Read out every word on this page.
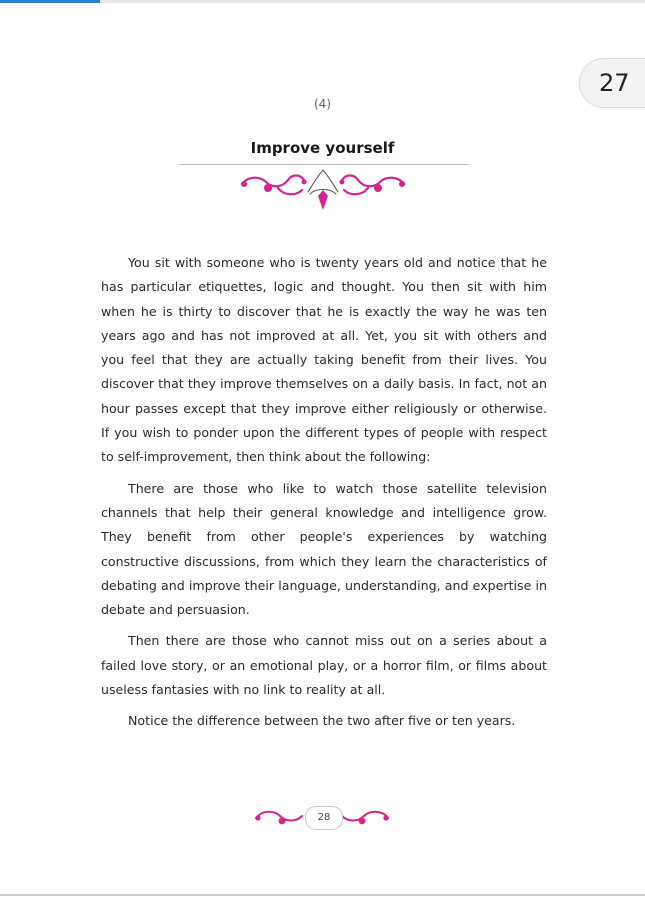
27
(4)
Improve yourself

You sit with someone who is twenty years old and notice that he has particular etiquettes, logic and thought. You then sit with him when he is thirty to discover that he is exactly the way he was ten years ago and has not improved at all. Yet, you sit with others and you feel that they are actually taking benefit from their lives. You discover that they improve themselves on a daily basis. In fact, not an hour passes except that they improve either religiously or otherwise. If you wish to ponder upon the different types of people with respect to self-improvement, then think about the following:

There are those who like to watch those satellite television channels that help their general knowledge and intelligence grow. They benefit from other people's experiences by watching constructive discussions, from which they learn the characteristics of debating and improve their language, understanding, and expertise in debate and persuasion.

Then there are those who cannot miss out on a series about a failed love story, or an emotional play, or a horror film, or films about useless fantasies with no link to reality at all.

Notice the difference between the two after five or ten years.

28
